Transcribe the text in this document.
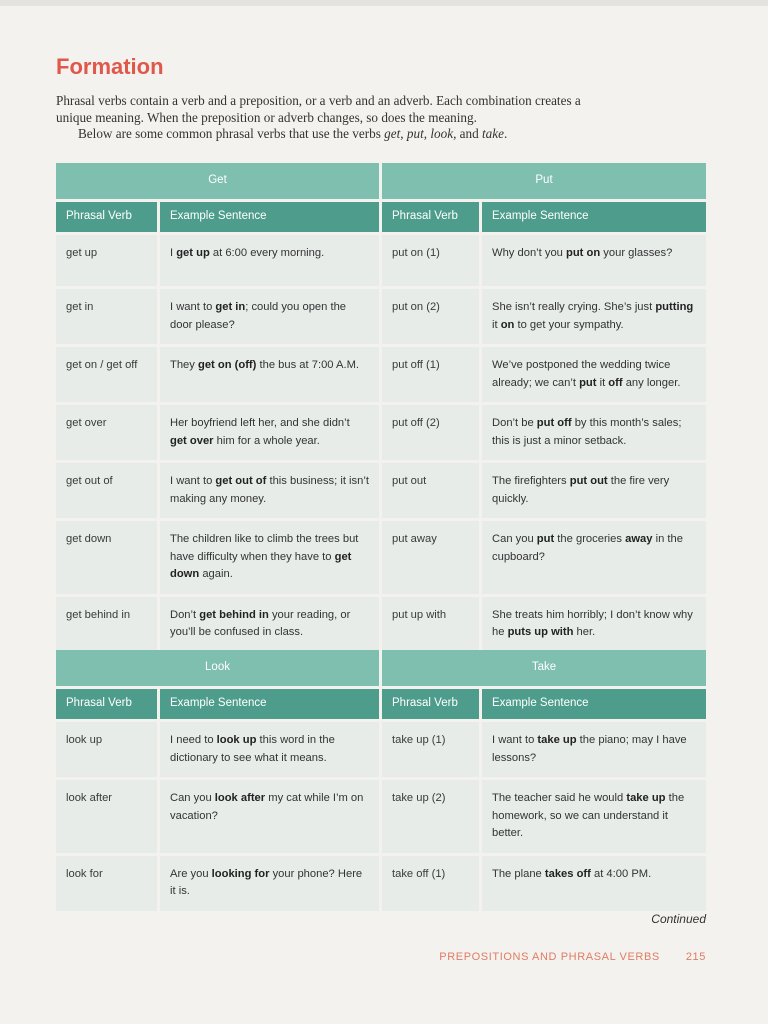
Formation

Phrasal verbs contain a verb and a preposition, or a verb and an adverb. Each combination creates a unique meaning. When the preposition or adverb changes, so does the meaning.

Below are some common phrasal verbs that use the verbs get, put, look, and take.

Get		Put	
Phrasal Verb	Example Sentence	Phrasal Verb	Example Sentence
get up	I get up at 6:00 every morning.	put on (1)	Why don’t you put on your glasses?
get in	I want to get in; could you open the door please?	put on (2)	She isn’t really crying. She’s just putting it on to get your sympathy.
get on / get off	They get on (off) the bus at 7:00 A.M.	put off (1)	We’ve postponed the wedding twice already; we can’t put it off any longer.
get over	Her boyfriend left her, and she didn’t get over him for a whole year.	put off (2)	Don’t be put off by this month’s sales; this is just a minor setback.
get out of	I want to get out of this business; it isn’t making any money.	put out	The firefighters put out the fire very quickly.
get down	The children like to climb the trees but have difficulty when they have to get down again.	put away	Can you put the groceries away in the cupboard?
get behind in	Don’t get behind in your reading, or you’ll be confused in class.	put up with	She treats him horribly; I don’t know why he puts up with her.
Look		Take	
Phrasal Verb	Example Sentence	Phrasal Verb	Example Sentence
look up	I need to look up this word in the dictionary to see what it means.	take up (1)	I want to take up the piano; may I have lessons?
look after	Can you look after my cat while I’m on vacation?	take up (2)	The teacher said he would take up the homework, so we can understand it better.
look for	Are you looking for your phone? Here it is.	take off (1)	The plane takes off at 4:00 PM.
Continued
PREPOSITIONS AND PHRASAL VERBS 215
